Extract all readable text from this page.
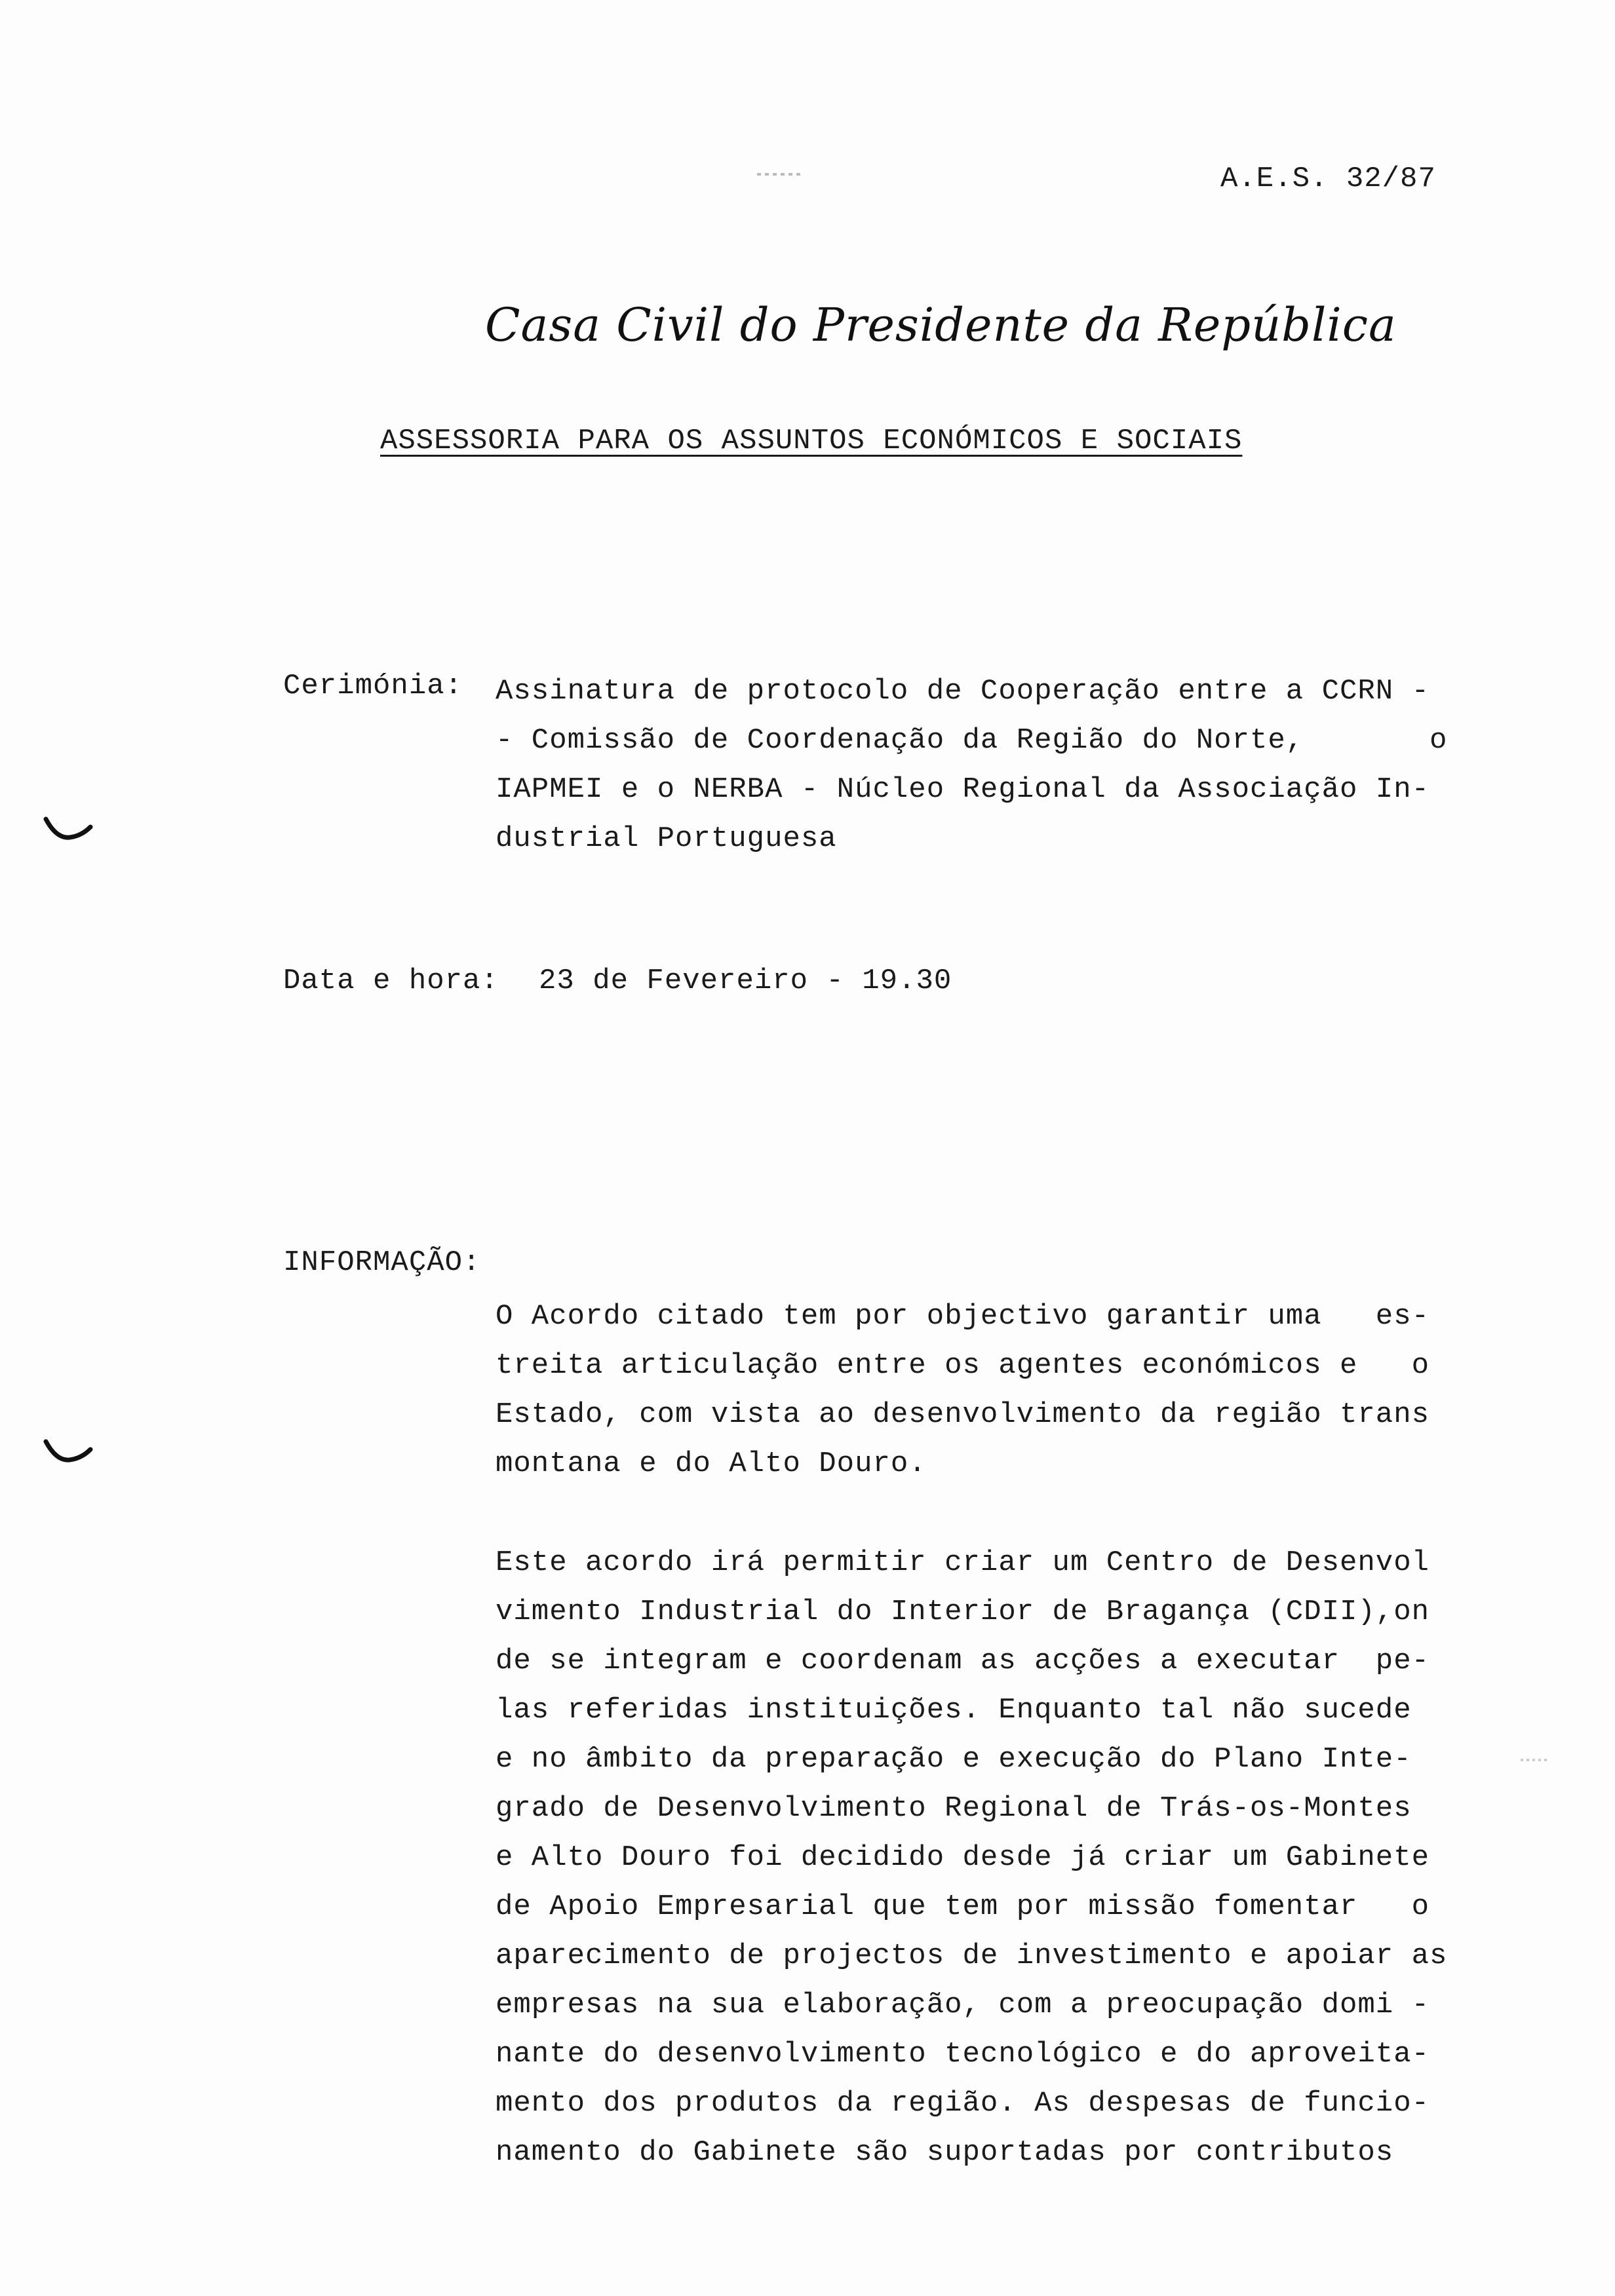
A.E.S. 32/87
Casa Civil do Presidente da República
ASSESSORIA PARA OS ASSUNTOS ECONÓMICOS E SOCIAIS
Cerimónia: Assinatura de protocolo de Cooperação entre a CCRN -
- Comissão de Coordenação da Região do Norte,       o
IAPMEI e o NERBA - Núcleo Regional da Associação In-
dustrial Portuguesa
Data e hora: 23 de Fevereiro - 19.30
INFORMAÇÃO:
O Acordo citado tem por objectivo garantir uma   es-
treita articulação entre os agentes económicos e   o
Estado, com vista ao desenvolvimento da região trans
montana e do Alto Douro.
Este acordo irá permitir criar um Centro de Desenvol
vimento Industrial do Interior de Bragança (CDII),on
de se integram e coordenam as acções a executar  pe-
las referidas instituições. Enquanto tal não sucede
e no âmbito da preparação e execução do Plano Inte-
grado de Desenvolvimento Regional de Trás-os-Montes
e Alto Douro foi decidido desde já criar um Gabinete
de Apoio Empresarial que tem por missão fomentar   o
aparecimento de projectos de investimento e apoiar as
empresas na sua elaboração, com a preocupação domi -
nante do desenvolvimento tecnológico e do aproveita-
mento dos produtos da região. As despesas de funcio-
namento do Gabinete são suportadas por contributos
